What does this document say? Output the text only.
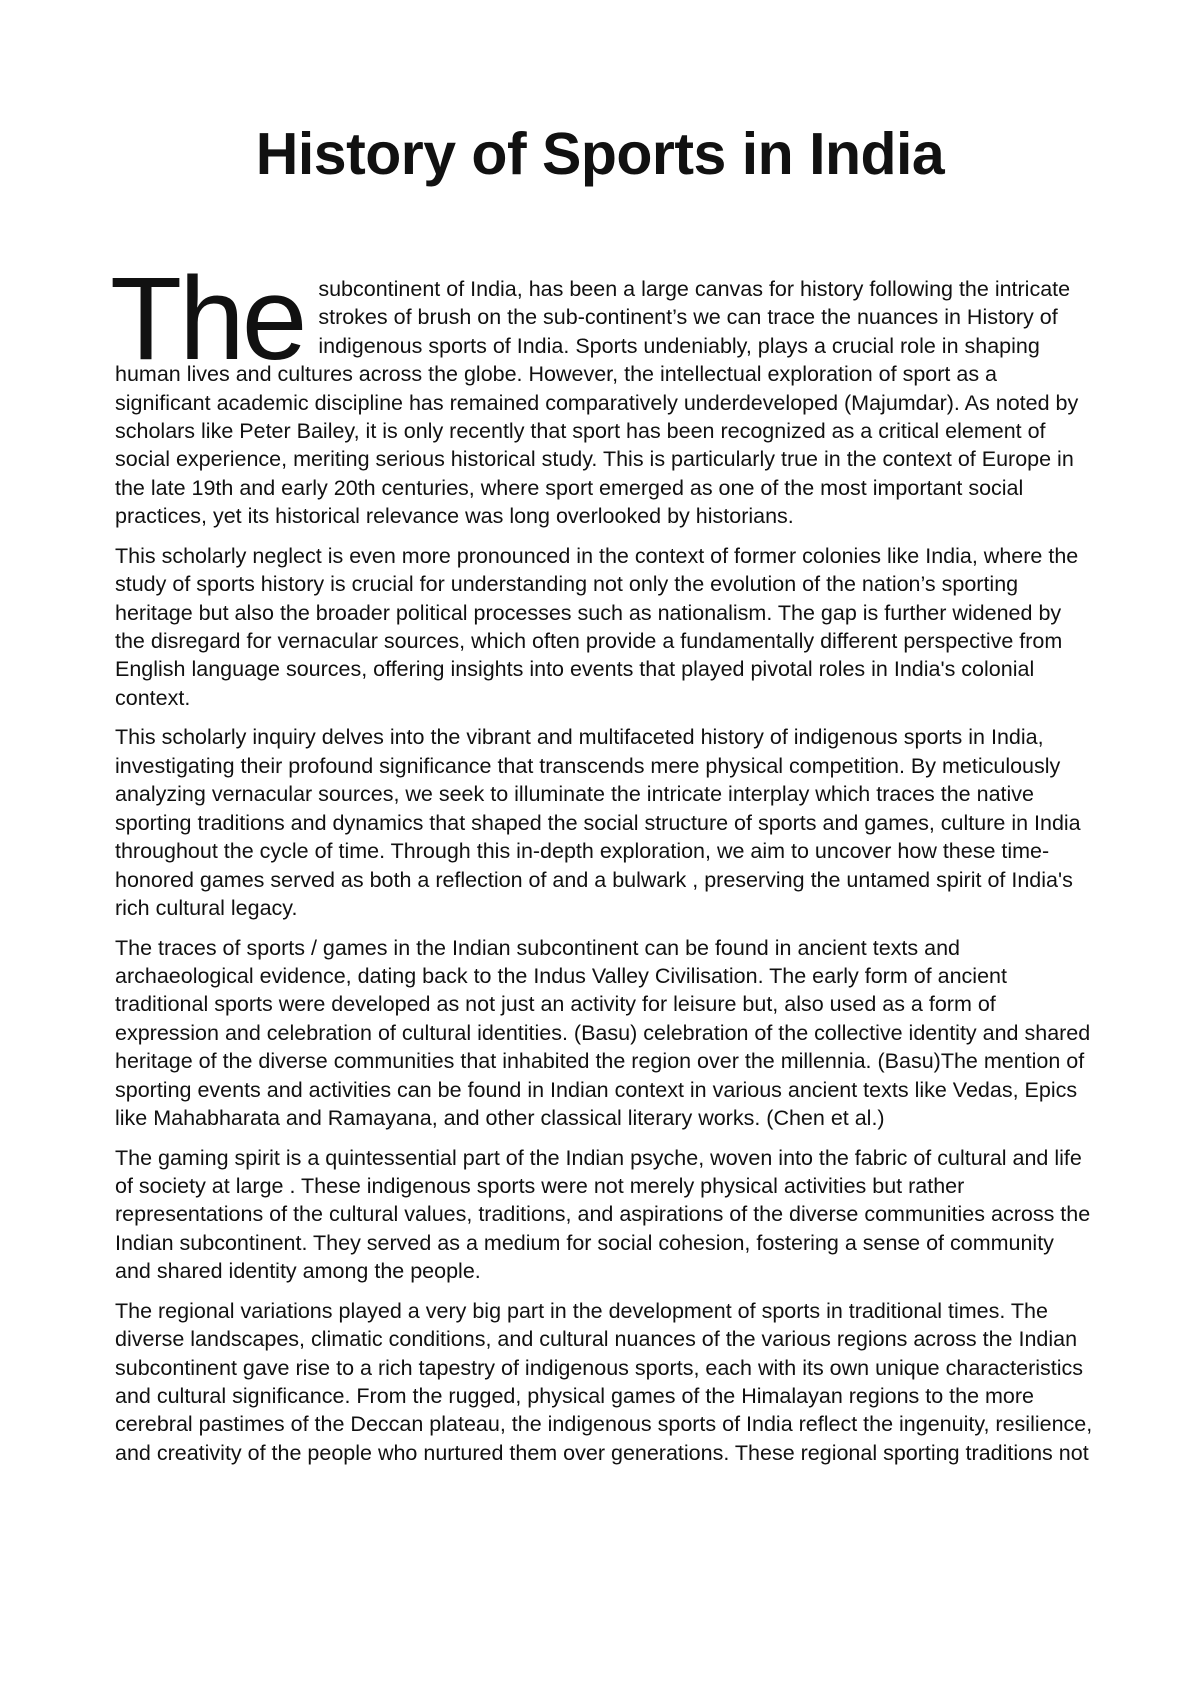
History of Sports in India

The subcontinent of India, has been a large canvas for history following the intricate strokes of brush on the sub-continent’s we can trace the nuances in History of indigenous sports of India. Sports undeniably, plays a crucial role in shaping human lives and cultures across the globe. However, the intellectual exploration of sport as a significant academic discipline has remained comparatively underdeveloped (Majumdar). As noted by scholars like Peter Bailey, it is only recently that sport has been recognized as a critical element of social experience, meriting serious historical study. This is particularly true in the context of Europe in the late 19th and early 20th centuries, where sport emerged as one of the most important social practices, yet its historical relevance was long overlooked by historians.

This scholarly neglect is even more pronounced in the context of former colonies like India, where the study of sports history is crucial for understanding not only the evolution of the nation’s sporting heritage but also the broader political processes such as nationalism. The gap is further widened by the disregard for vernacular sources, which often provide a fundamentally different perspective from English language sources, offering insights into events that played pivotal roles in India's colonial context.

This scholarly inquiry delves into the vibrant and multifaceted history of indigenous sports in India, investigating their profound significance that transcends mere physical competition. By meticulously analyzing vernacular sources, we seek to illuminate the intricate interplay which traces the native sporting traditions and dynamics that shaped the social structure of sports and games, culture in India throughout the cycle of time. Through this in-depth exploration, we aim to uncover how these time-honored games served as both a reflection of and a bulwark , preserving the untamed spirit of India's rich cultural legacy.

The traces of sports / games in the Indian subcontinent can be found in ancient texts and archaeological evidence, dating back to the Indus Valley Civilisation. The early form of ancient traditional sports were developed as not just an activity for leisure but, also used as a form of expression and celebration of cultural identities. (Basu) celebration of the collective identity and shared heritage of the diverse communities that inhabited the region over the millennia. (Basu)The mention of sporting events and activities can be found in Indian context in various ancient texts like Vedas, Epics like Mahabharata and Ramayana, and other classical literary works. (Chen et al.)

The gaming spirit is a quintessential part of the Indian psyche, woven into the fabric of cultural and life of society at large . These indigenous sports were not merely physical activities but rather representations of the cultural values, traditions, and aspirations of the diverse communities across the Indian subcontinent. They served as a medium for social cohesion, fostering a sense of community and shared identity among the people.

The regional variations played a very big part in the development of sports in traditional times. The diverse landscapes, climatic conditions, and cultural nuances of the various regions across the Indian subcontinent gave rise to a rich tapestry of indigenous sports, each with its own unique characteristics and cultural significance. From the rugged, physical games of the Himalayan regions to the more cerebral pastimes of the Deccan plateau, the indigenous sports of India reflect the ingenuity, resilience, and creativity of the people who nurtured them over generations. These regional sporting traditions not
